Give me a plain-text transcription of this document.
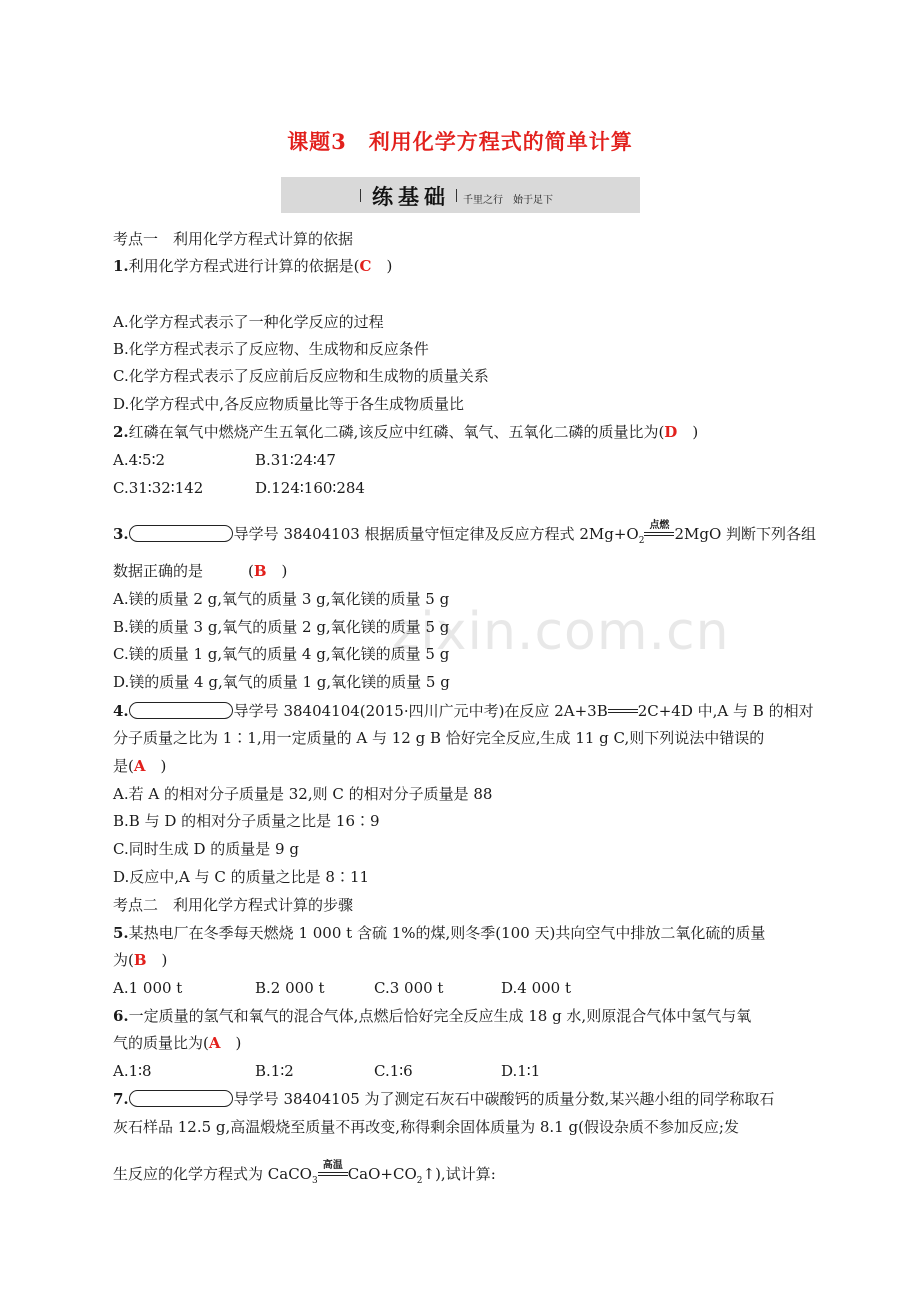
课题3　利用化学方程式的简单计算
练基础 千里之行　始于足下
zixin.com.cn
考点一　利用化学方程式计算的依据
1.利用化学方程式进行计算的依据是(C　)
A.化学方程式表示了一种化学反应的过程
B.化学方程式表示了反应物、生成物和反应条件
C.化学方程式表示了反应前后反应物和生成物的质量关系
D.化学方程式中,各反应物质量比等于各生成物质量比
2.红磷在氧气中燃烧产生五氧化二磷,该反应中红磷、氧气、五氧化二磷的质量比为(D　)
A.4∶5∶2	B.31∶24∶47
C.31∶32∶142	D.124∶160∶284
3.	导学号 38404103 根据质量守恒定律及反应方程式 $2Mg+O_2$
点燃 2MgO 判断下列各组
数据正确的是　　　(B　)
A.镁的质量 2 g,氧气的质量 3 g,氧化镁的质量 5 g
B.镁的质量 3 g,氧气的质量 2 g,氧化镁的质量 5 g
C.镁的质量 1 g,氧气的质量 4 g,氧化镁的质量 5 g
D.镁的质量 4 g,氧气的质量 1 g,氧化镁的质量 5 g
4.	导学号 38404104(2015·四川广元中考)在反应 2A+3B 2C+4D 中,A 与 B 的相对
分子质量之比为 1∶1,用一定质量的 A 与 12 g B 恰好完全反应,生成 11 g C,则下列说法中错误的
是(A　)
A.若 A 的相对分子质量是 32,则 C 的相对分子质量是 88
B.B 与 D 的相对分子质量之比是 16∶9
C.同时生成 D 的质量是 9 g
D.反应中,A 与 C 的质量之比是 8∶11
考点二　利用化学方程式计算的步骤
5.某热电厂在冬季每天燃烧 1 000 t 含硫 1%的煤,则冬季(100 天)共向空气中排放二氧化硫的质量
为(B　)
A.1 000 t	B.2 000 t	C.3 000 t	D.4 000 t
6.一定质量的氢气和氧气的混合气体,点燃后恰好完全反应生成 18 g 水,则原混合气体中氢气与氧
气的质量比为(A　)
A.1∶8	B.1∶2	C.1∶6	D.1∶1
7.	导学号 38404105 为了测定石灰石中碳酸钙的质量分数,某兴趣小组的同学称取石
灰石样品 12.5 g,高温煅烧至质量不再改变,称得剩余固体质量为 8.1 g(假设杂质不参加反应;发
生反应的化学方程式为 CaCO$_3$
高温 $CaO+CO_2↑$),试计算:
